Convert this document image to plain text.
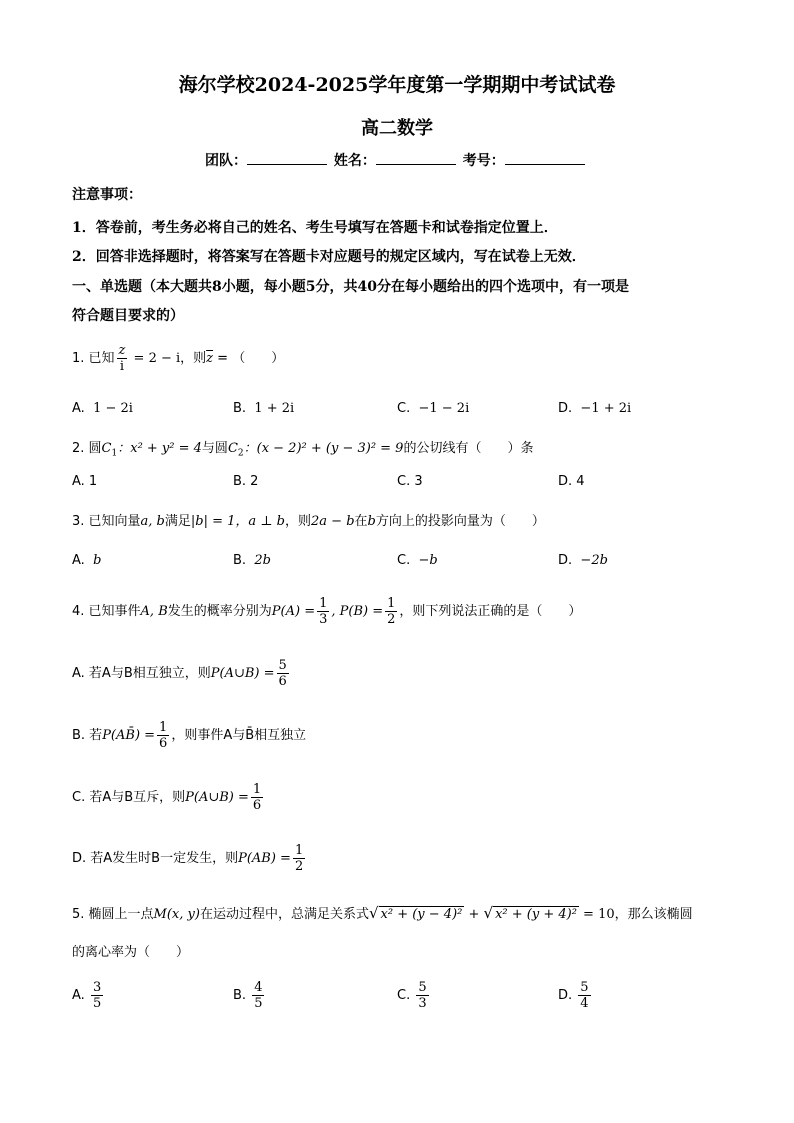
海尔学校2024-2025学年度第一学期期中考试试卷
高二数学
团队：	姓名：	考号：
注意事项：
1．答卷前，考生务必将自己的姓名、考生号填写在答题卡和试卷指定位置上．
2．回答非选择题时，将答案写在答题卡对应题号的规定区域内，写在试卷上无效．
一、单选题（本大题共8小题，每小题5分，共40分在每小题给出的四个选项中，有一项是
符合题目要求的）
1. 已知 $\frac{z}{i} = 2 - i$，则$\overline{z}$ = （　　）
A. 1 − 2i	B. 1 + 2i	C. −1 − 2i	D. −1 + 2i
2. 圆$C_1$：x² + y² = 4与圆$C_2$：(x − 2)² + (y − 3)² = 9的公切线有（　　）条
A. 1	B. 2	C. 3	D. 4
3. 已知向量a, b满足|b| = 1，a ⊥ b，则2a − b在b方向上的投影向量为（　　）
A. b	B. 2b	C. −b	D. −2b
4. 已知事件A, B发生的概率分别为$P(A) = \frac{1}{3}$ , $P(B) = \frac{1}{2}$ ，则下列说法正确的是（　　）
A. 若A与B相互独立，则P(A∪B) = $\frac{5}{6}$
B. 若P(AB̄) = $\frac{1}{6}$ ，则事件A与B̄相互独立
C. 若A与B互斥，则P(A∪B) = $\frac{1}{6}$
D. 若A发生时B一定发生，则$P(AB) = \frac{1}{2}$
5. 椭圆上一点M(x, y)在运动过程中，总满足关系式√ x² + (y − 4)² + √ x² + (y + 4)² = 10，那么该椭圆
的离心率为（　　）
A. $\frac{3}{5}$	B. $\frac{4}{5}$	C. $\frac{5}{3}$	D. $\frac{5}{4}$
